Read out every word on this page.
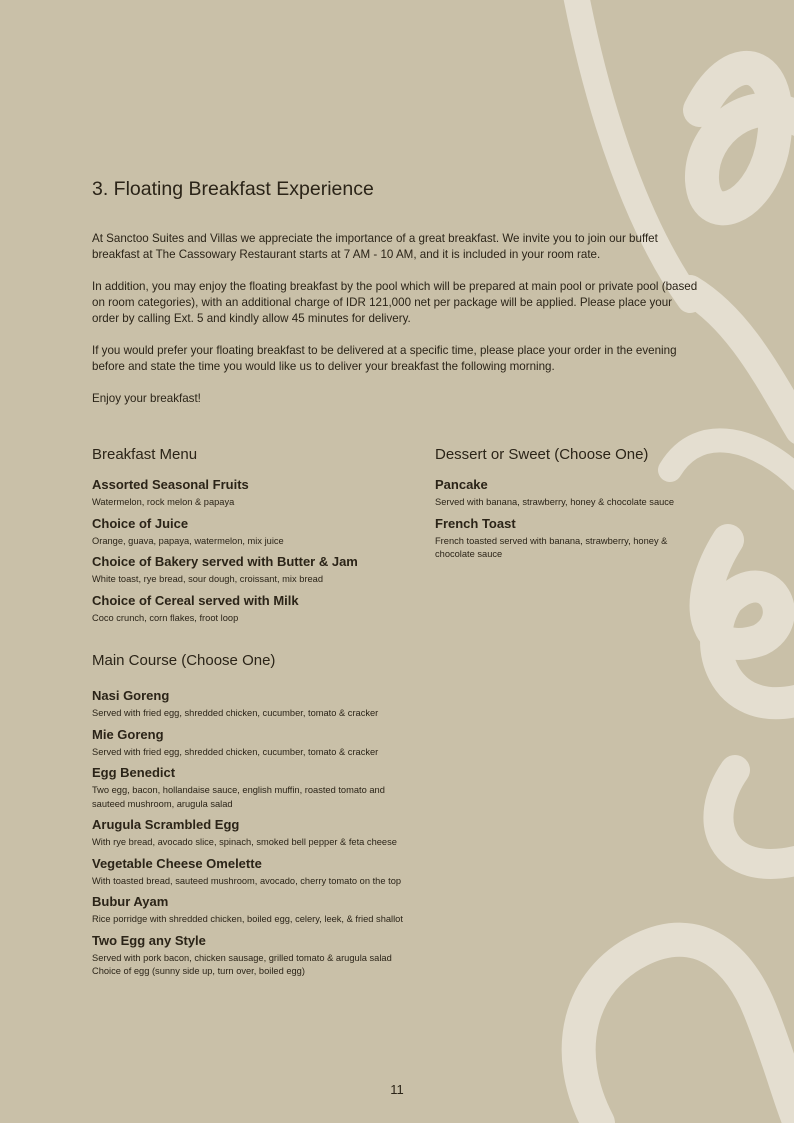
3. Floating Breakfast Experience

At Sanctoo Suites and Villas we appreciate the importance of a great breakfast. We invite you to join our buffet breakfast at The Cassowary Restaurant starts at 7 AM - 10 AM, and it is included in your room rate.

In addition, you may enjoy the floating breakfast by the pool which will be prepared at main pool or private pool (based on room categories), with an additional charge of IDR 121,000 net per package will be applied. Please place your order by calling Ext. 5 and kindly allow 45 minutes for delivery.

If you would prefer your floating breakfast to be delivered at a specific time, please place your order in the evening before and state the time you would like us to deliver your breakfast the following morning.

Enjoy your breakfast!

Breakfast Menu
Assorted Seasonal Fruits
Watermelon, rock melon & papaya
Choice of Juice
Orange, guava, papaya, watermelon, mix juice
Choice of Bakery served with Butter & Jam
White toast, rye bread, sour dough, croissant, mix bread
Choice of Cereal served with Milk
Coco crunch, corn flakes, froot loop
Dessert or Sweet (Choose One)
Pancake
Served with banana, strawberry, honey & chocolate sauce
French Toast
French toasted served with banana, strawberry, honey &
chocolate sauce
Main Course (Choose One)
Nasi Goreng
Served with fried egg, shredded chicken, cucumber, tomato & cracker
Mie Goreng
Served with fried egg, shredded chicken, cucumber, tomato & cracker
Egg Benedict
Two egg, bacon, hollandaise sauce, english muffin, roasted tomato and
sauteed mushroom, arugula salad
Arugula Scrambled Egg
With rye bread, avocado slice, spinach, smoked bell pepper & feta cheese
Vegetable Cheese Omelette
With toasted bread, sauteed mushroom, avocado, cherry tomato on the top
Bubur Ayam
Rice porridge with shredded chicken, boiled egg, celery, leek, & fried shallot
Two Egg any Style
Served with pork bacon, chicken sausage, grilled tomato & arugula salad
Choice of egg (sunny side up, turn over, boiled egg)
11
